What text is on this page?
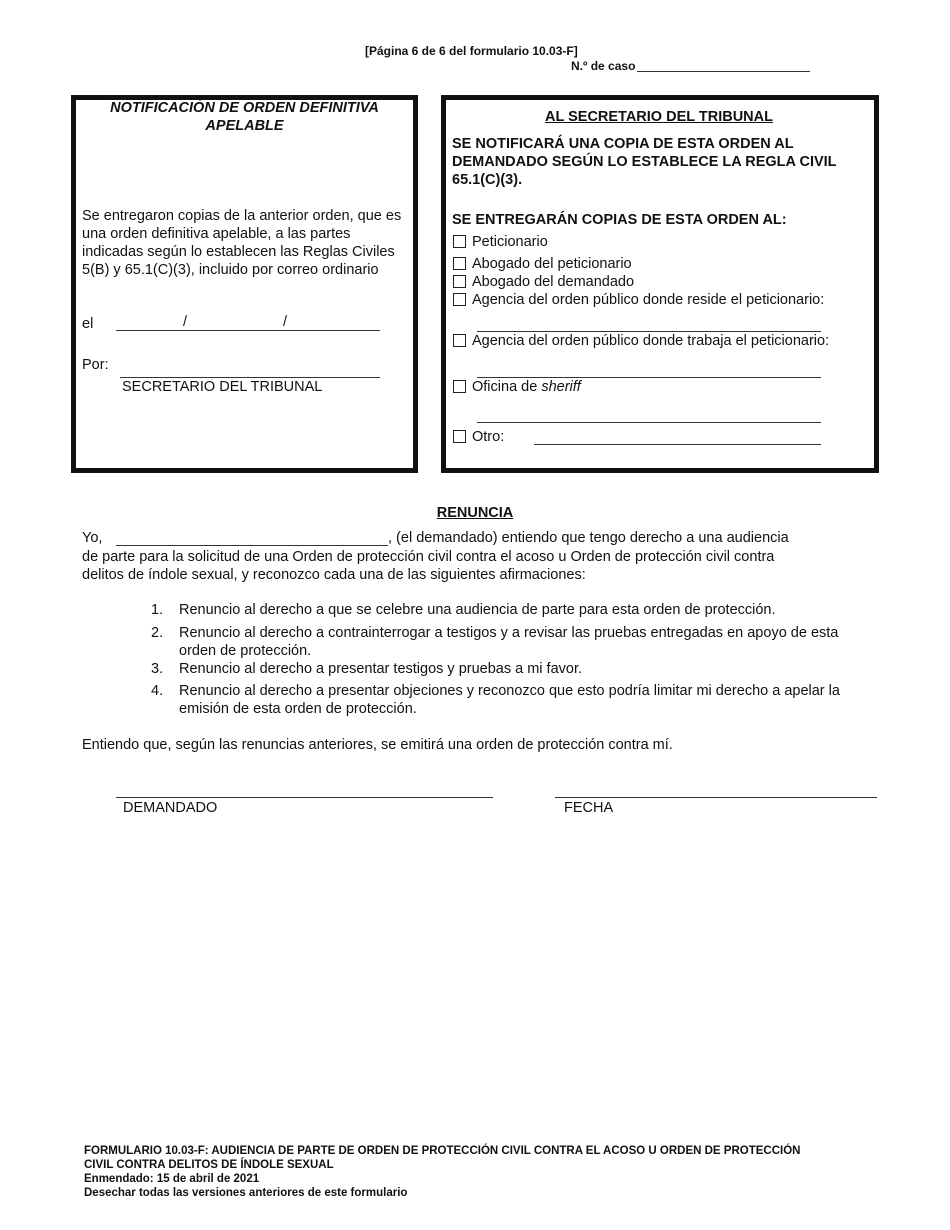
[Página 6 de 6 del formulario 10.03-F]
N.º de caso
NOTIFICACIÓN DE ORDEN DEFINITIVA APELABLE
Se entregaron copias de la anterior orden, que es una orden definitiva apelable, a las partes indicadas según lo establecen las Reglas Civiles 5(B) y 65.1(C)(3), incluido por correo ordinario
el	/	/
Por:
SECRETARIO DEL TRIBUNAL
AL SECRETARIO DEL TRIBUNAL
SE NOTIFICARÁ UNA COPIA DE ESTA ORDEN AL DEMANDADO SEGÚN LO ESTABLECE LA REGLA CIVIL 65.1(C)(3).
SE ENTREGARÁN COPIAS DE ESTA ORDEN AL:
Peticionario
Abogado del peticionario
Abogado del demandado
Agencia del orden público donde reside el peticionario:
Agencia del orden público donde trabaja el peticionario:
Oficina de sheriff
Otro:
RENUNCIA
Yo,	, (el demandado) entiendo que tengo derecho a una audiencia
de parte para la solicitud de una Orden de protección civil contra el acoso u Orden de protección civil contra
delitos de índole sexual, y reconozco cada una de las siguientes afirmaciones:
1. Renuncio al derecho a que se celebre una audiencia de parte para esta orden de protección.
2. Renuncio al derecho a contrainterrogar a testigos y a revisar las pruebas entregadas en apoyo de esta orden de protección.
3. Renuncio al derecho a presentar testigos y pruebas a mi favor.
4. Renuncio al derecho a presentar objeciones y reconozco que esto podría limitar mi derecho a apelar la emisión de esta orden de protección.
Entiendo que, según las renuncias anteriores, se emitirá una orden de protección contra mí.
DEMANDADO	FECHA
FORMULARIO 10.03-F: AUDIENCIA DE PARTE DE ORDEN DE PROTECCIÓN CIVIL CONTRA EL ACOSO U ORDEN DE PROTECCIÓN
CIVIL CONTRA DELITOS DE ÍNDOLE SEXUAL
Enmendado: 15 de abril de 2021
Desechar todas las versiones anteriores de este formulario
